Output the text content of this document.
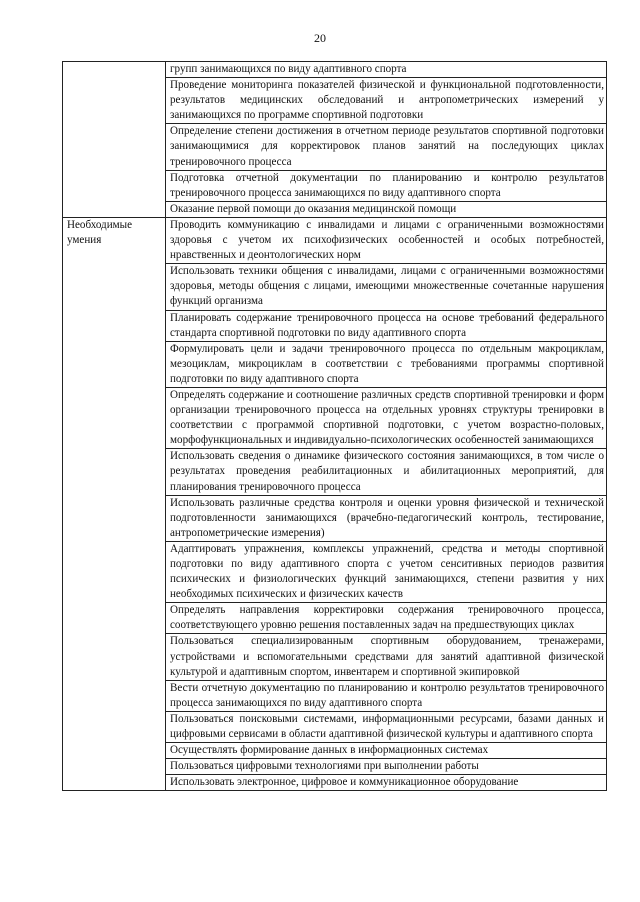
20
	групп занимающихся по виду адаптивного спорта
	Проведение мониторинга показателей физической и функциональной подготовленности, результатов медицинских обследований и антропометрических измерений у занимающихся по программе спортивной подготовки
	Определение степени достижения в отчетном периоде результатов спортивной подготовки занимающимися для корректировок планов занятий на последующих циклах тренировочного процесса
	Подготовка отчетной документации по планированию и контролю результатов тренировочного процесса занимающихся по виду адаптивного спорта
	Оказание первой помощи до оказания медицинской помощи
Необходимые умения	Проводить коммуникацию с инвалидами и лицами с ограниченными возможностями здоровья с учетом их психофизических особенностей и особых потребностей, нравственных и деонтологических норм
	Использовать техники общения с инвалидами, лицами с ограниченными возможностями здоровья, методы общения с лицами, имеющими множественные сочетанные нарушения функций организма
	Планировать содержание тренировочного процесса на основе требований федерального стандарта спортивной подготовки по виду адаптивного спорта
	Формулировать цели и задачи тренировочного процесса по отдельным макроциклам, мезоциклам, микроциклам в соответствии с требованиями программы спортивной подготовки по виду адаптивного спорта
	Определять содержание и соотношение различных средств спортивной тренировки и форм организации тренировочного процесса на отдельных уровнях структуры тренировки в соответствии с программой спортивной подготовки, с учетом возрастно-половых, морфофункциональных и индивидуально-психологических особенностей занимающихся
	Использовать сведения о динамике физического состояния занимающихся, в том числе о результатах проведения реабилитационных и абилитационных мероприятий, для планирования тренировочного процесса
	Использовать различные средства контроля и оценки уровня физической и технической подготовленности занимающихся (врачебно-педагогический контроль, тестирование, антропометрические измерения)
	Адаптировать упражнения, комплексы упражнений, средства и методы спортивной подготовки по виду адаптивного спорта с учетом сенситивных периодов развития психических и физиологических функций занимающихся, степени развития у них необходимых психических и физических качеств
	Определять направления корректировки содержания тренировочного процесса, соответствующего уровню решения поставленных задач на предшествующих циклах
	Пользоваться специализированным спортивным оборудованием, тренажерами, устройствами и вспомогательными средствами для занятий адаптивной физической культурой и адаптивным спортом, инвентарем и спортивной экипировкой
	Вести отчетную документацию по планированию и контролю результатов тренировочного процесса занимающихся по виду адаптивного спорта
	Пользоваться поисковыми системами, информационными ресурсами, базами данных и цифровыми сервисами в области адаптивной физической культуры и адаптивного спорта
	Осуществлять формирование данных в информационных системах
	Пользоваться цифровыми технологиями при выполнении работы
	Использовать электронное, цифровое и коммуникационное оборудование
